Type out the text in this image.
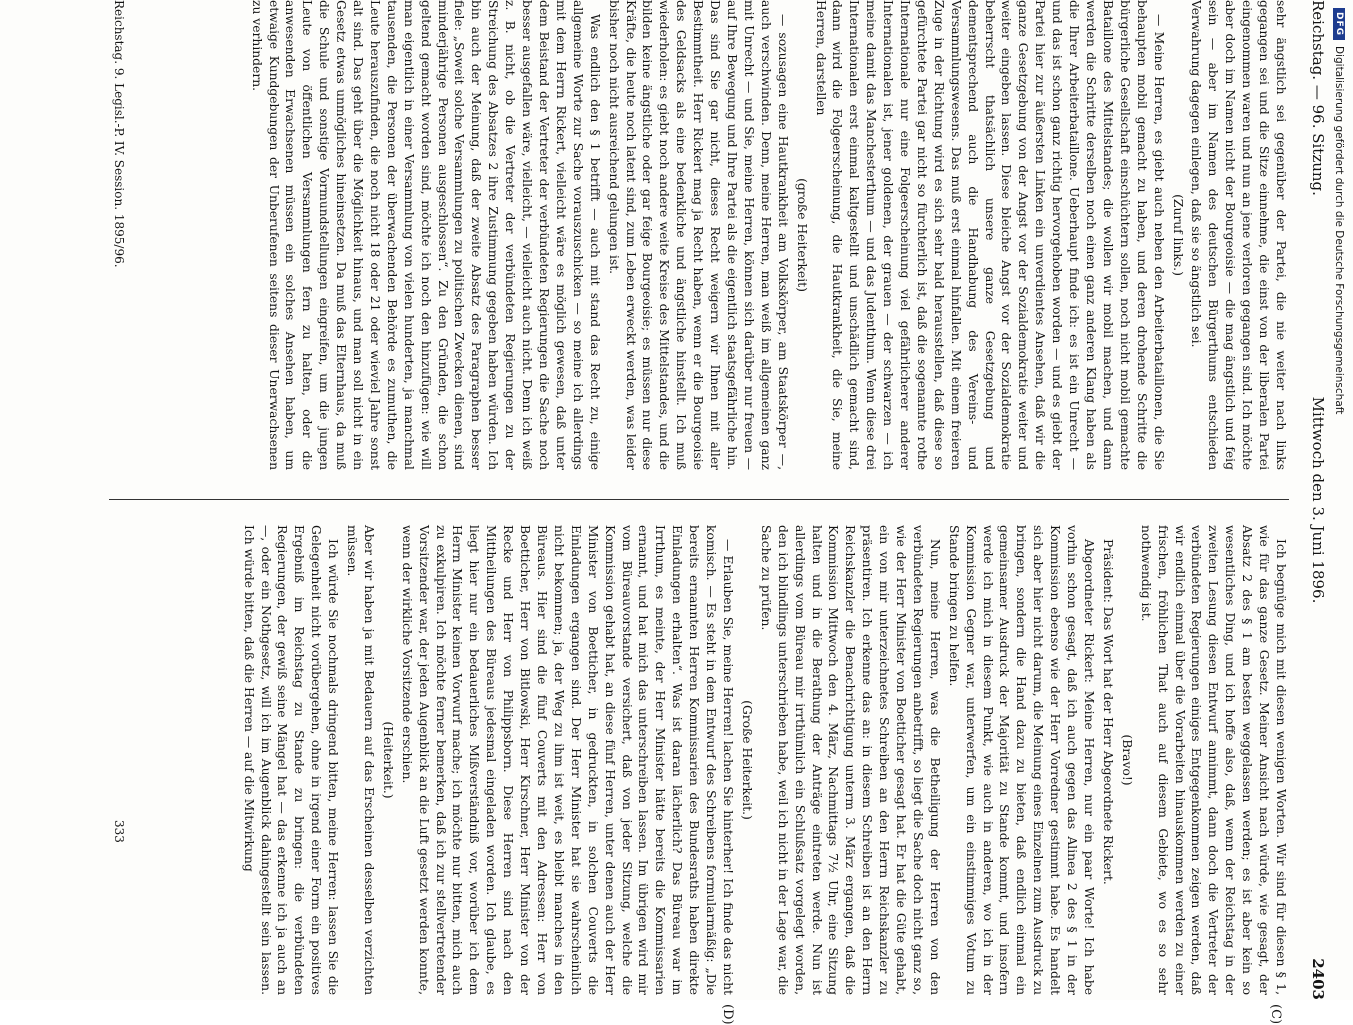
Reichstag. — 96. Sitzung.
Mittwoch den 3. Juni 1896.
2403
(C)
(D)

sehr ängstlich sei gegenüber der Partei, die nie weiter nach links gegangen sei und die Sitze einnehme, die einst von der liberalen Partei eingenommen waren und nun an jene verloren gegangen sind. Ich möchte aber doch im Namen nicht der Bourgeoisie — die mag ängstlich und feig sein — aber im Namen des deutschen Bürgerthums entschieden Verwahrung dagegen einlegen, daß sie so ängstlich sei.

(Zuruf links.)

— Meine Herren, es giebt auch neben den Arbeiterbataillonen, die Sie behaupten mobil gemacht zu haben, und deren drohende Schritte die bürgerliche Gesellschaft einschüchtern sollen, noch nicht mobil gemachte Bataillone des Mittelstandes; die wollen wir mobil machen, und dann werden die Schritte derselben noch einen ganz anderen Klang haben als die Ihrer Arbeiterbataillone. Ueberhaupt finde ich: es ist ein Unrecht — und das ist schon ganz richtig hervorgehoben worden — und es giebt der Partei hier zur äußersten Linken ein unverdientes Ansehen, daß wir die ganze Gesetzgebung von der Angst vor der Sozialdemokratie weiter und weiter eingeben lassen. Diese bleiche Angst vor der Sozialdemokratie beherrscht thatsächlich unsere ganze Gesetzgebung und dementsprechend auch die Handhabung des Vereins- und Versammlungswesens. Das muß erst einmal hinfallen. Mit einem freieren Zuge in der Richtung wird es sich sehr bald herausstellen, daß diese so gefürchtete Partei gar nicht so fürchterlich ist, daß die sogenannte rothe Internationale nur eine Folgeerscheinung viel gefährlicherer anderer Internationalen ist, jener goldenen, der grauen — der schwarzen — ich meine damit das Manchesterthum — und das Judenthum. Wenn diese drei Internationalen erst einmal kaltgestellt und unschädlich gemacht sind, dann wird die Folgeerscheinung, die Hautkrankheit, die Sie, meine Herren, darstellen

(große Heiterkeit)

— sozusagen eine Hautkrankheit am Volkskörper, am Staatskörper —, auch verschwinden. Denn, meine Herren, man weiß im allgemeinen ganz mit Unrecht — und Sie, meine Herren, können sich darüber nur freuen — auf Ihre Bewegung und Ihre Partei als die eigentlich staatsgefährliche hin. Das sind Sie gar nicht, dieses Recht weigern wir Ihnen mit aller Bestimmtheit. Herr Rickert mag ja Recht haben, wenn er die Bourgeoisie des Geldsacks als eine bedenkliche und ängstliche hinstellt. Ich muß wiederholen: es giebt noch andere weite Kreise des Mittelstandes, und die bilden keine ängstliche oder gar feige Bourgeoisie; es müssen nur diese Kräfte, die heute noch latent sind, zum Leben erweckt werden, was leider bisher noch nicht ausreichend gelungen ist.

Was endlich den § 1 betrifft — auch mit stand das Recht zu, einige allgemeine Worte zur Sache vorauszuschicken — so meine ich allerdings mit dem Herrn Rickert, vielleicht wäre es möglich gewesen, daß unter dem Beistand der Vertreter der verbündeten Regierungen die Sache noch besser ausgefallen wäre, vielleicht, — vielleicht auch nicht. Denn ich weiß z. B. nicht, ob die Vertreter der verbündeten Regierungen zu der Streichung des Absatzes 2 ihre Zustimmung gegeben haben würden. Ich bin auch der Meinung, daß der zweite Absatz des Paragraphen besser fiele: „Soweit solche Versammlungen zu politischen Zwecken dienen, sind minderjährige Personen ausgeschlossen“. Zu den Gründen, die schon geltend gemacht worden sind, möchte ich noch den hinzufügen: wie will man eigentlich in einer Versammlung von vielen hunderten, ja manchmal tausenden, die Personen der überwachenden Behörde es zumuthen, die Leute herauszufinden, die noch nicht 18 oder 21 oder wieviel Jahre sonst alt sind. Das geht über die Möglichkeit hinaus, und man soll nicht in ein Gesetz etwas unmögliches hineinsetzen. Da muß das Elternhaus, da muß die Schule und sonstige Vormundstellungen eingreifen, um die jungen Leute von öffentlichen Versammlungen fern zu halten, oder die anwesenden Erwachsenen müssen ein solches Ansehen haben, um etwaige Kundgebungen der Unberufenen seitens dieser Unerwachsenen zu verhindern.

Ich begnüge mich mit diesen wenigen Worten. Wir sind für diesen § 1, wie für das ganze Gesetz. Meiner Ansicht nach würde, wie gesagt, der Absatz 2 des § 1 am besten weggelassen werden; es ist aber kein so wesentliches Ding, und ich hoffe also, daß, wenn der Reichstag in der zweiten Lesung diesen Entwurf annimmt, dann doch die Vertreter der verbündeten Regierungen einiges Entgegenkommen zeigen werden, daß wir endlich einmal über die Vorarbeiten hinauskommen werden zu einer frischen, fröhlichen That auch auf diesem Gebiete, wo es so sehr nothwendig ist.

(Bravo!)

Präsident: Das Wort hat der Herr Abgeordnete Rickert.

Abgeordneter Rickert: Meine Herren, nur ein paar Worte! Ich habe vorhin schon gesagt, daß ich auch gegen das Alinea 2 des § 1 in der Kommission ebenso wie der Herr Vorredner gestimmt habe. Es handelt sich aber hier nicht darum, die Meinung eines Einzelnen zum Ausdruck zu bringen, sondern die Hand dazu zu bieten, daß endlich einmal ein gemeinsamer Ausdruck der Majorität zu Stande kommt, und insofern werde ich mich in diesem Punkt, wie auch in anderen, wo ich in der Kommission Gegner war, unterwerfen, um ein einstimmiges Votum zu Stande bringen zu helfen.

Nun, meine Herren, was die Betheiligung der Herren von den verbündeten Regierungen anbetrifft, so liegt die Sache doch nicht ganz so, wie der Herr Minister von Boetticher gesagt hat. Er hat die Güte gehabt, ein von mir unterzeichnetes Schreiben an den Herrn Reichskanzler zu präsentiren. Ich erkenne das an: in diesem Schreiben ist an den Herrn Reichskanzler die Benachrichtigung unterm 3. März ergangen, daß die Kommission Mittwoch den 4. März, Nachmittags 7½ Uhr, eine Sitzung halten und in die Berathung der Anträge eintreten werde. Nun ist allerdings vom Büreau mir irrthümlich ein Schlußsatz vorgelegt worden, den ich blindlings unterschrieben habe, weil ich nicht in der Lage war, die Sache zu prüfen.

(Große Heiterkeit.)

— Erlauben Sie, meine Herren! lachen Sie hinterher! Ich finde das nicht komisch. — Es steht in dem Entwurf des Schreibens formularmäßig: „Die bereits ernannten Herren Kommissarien des Bundesraths haben direkte Einladungen erhalten“. Was ist daran lächerlich? Das Büreau war im Irrthum, es meinte, der Herr Minister hätte bereits die Kommissarien ernannt, und hat mich das unterschreiben lassen. Im übrigen wird mir vom Büreauvorstande versichert, daß von jeder Sitzung, welche die Kommission gehabt hat, an diese fünf Herren, unter denen auch der Herr Minister von Boetticher, in gedruckten, in solchen Couverts die Einladungen ergangen sind. Der Herr Minister hat sie wahrscheinlich nicht bekommen; ja, der Weg zu ihm ist weit, es bleibt manches in den Büreaus. Hier sind die fünf Couverts mit den Adressen: Herr von Boetticher, Herr von Bitlowski, Herr Kirschner, Herr Minister von der Recke und Herr von Philippsborn. Diese Herren sind nach den Mittheilungen des Büreaus jedesmal eingeladen worden. Ich glaube, es liegt hier nur ein bedauerliches Mißverständniß vor, worüber ich dem Herrn Minister keinen Vorwurf mache; ich möchte nur bitten, mich auch zu exkulpiren. Ich möchte ferner bemerken, daß ich zur stellvertretender Vorsitzender war, der jeden Augenblick an die Luft gesetzt werden konnte, wenn der wirkliche Vorsitzende erschien.

(Heiterkeit.)

Aber wir haben ja mit Bedauern auf das Erscheinen desselben verzichten müssen.

Ich würde Sie nochmals dringend bitten, meine Herren: lassen Sie die Gelegenheit nicht vorübergehen, ohne in irgend einer Form ein positives Ergebniß im Reichstag zu Stande zu bringen: die verbündeten Regierungen, der gewiß seine Mängel hat — das erkenne ich ja auch an —, oder ein Nothgesetz, will ich im Augenblick dahingestellt sein lassen. Ich würde bitten, daß die Herren — auf die Mitwirkung

Reichstag. 9. Legisl.-P. IV. Session. 1895/96.
333
DFG
Digitalisierung gefördert durch die Deutsche Forschungsgemeinschaft
